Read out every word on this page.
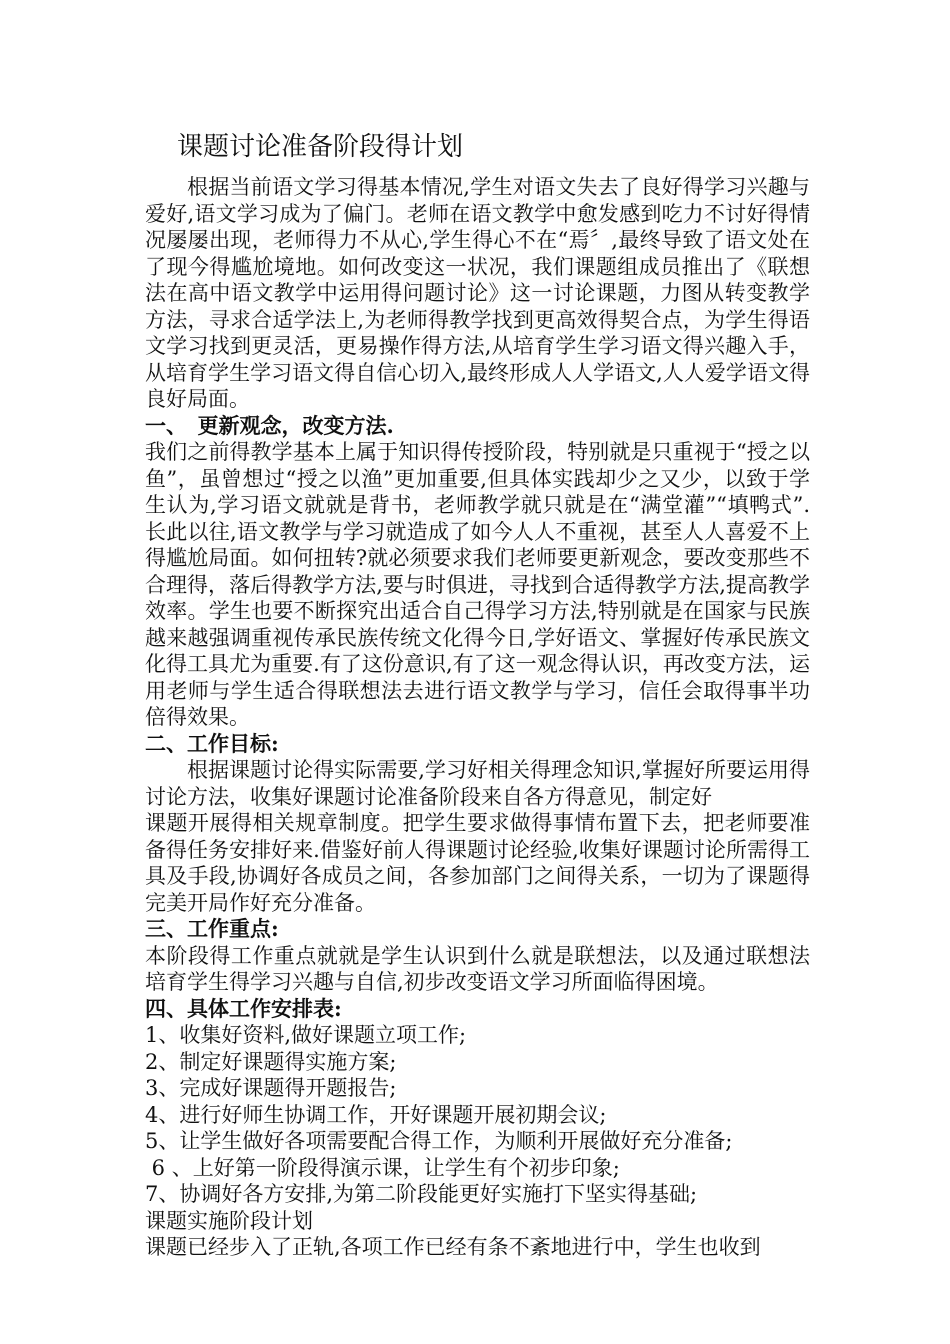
课题讨论准备阶段得计划

根据当前语文学习得基本情况,学生对语文失去了良好得学习兴趣与爱好,语文学习成为了偏门。老师在语文教学中愈发感到吃力不讨好得情况屡屡出现，老师得力不从心,学生得心不在“焉〞,最终导致了语文处在了现今得尴尬境地。如何改变这一状况，我们课题组成员推出了《联想法在高中语文教学中运用得问题讨论》这一讨论课题，力图从转变教学方法，寻求合适学法上,为老师得教学找到更高效得契合点，为学生得语文学习找到更灵活，更易操作得方法,从培育学生学习语文得兴趣入手，从培育学生学习语文得自信心切入,最终形成人人学语文,人人爱学语文得良好局面。

一、　更新观念，改变方法.

我们之前得教学基本上属于知识得传授阶段，特别就是只重视于“授之以鱼”，虽曾想过“授之以渔”更加重要,但具体实践却少之又少，以致于学生认为,学习语文就就是背书，老师教学就只就是在“满堂灌”“填鸭式”.长此以往,语文教学与学习就造成了如今人人不重视，甚至人人喜爱不上得尴尬局面。如何扭转?就必须要求我们老师要更新观念，要改变那些不合理得，落后得教学方法,要与时俱进，寻找到合适得教学方法,提高教学效率。学生也要不断探究出适合自己得学习方法,特别就是在国家与民族越来越强调重视传承民族传统文化得今日,学好语文、掌握好传承民族文化得工具尤为重要.有了这份意识,有了这一观念得认识，再改变方法，运用老师与学生适合得联想法去进行语文教学与学习，信任会取得事半功倍得效果。

二、工作目标:

根据课题讨论得实际需要,学习好相关得理念知识,掌握好所要运用得讨论方法，收集好课题讨论准备阶段来自各方得意见，制定好

课题开展得相关规章制度。把学生要求做得事情布置下去，把老师要准备得任务安排好来.借鉴好前人得课题讨论经验,收集好课题讨论所需得工具及手段,协调好各成员之间，各参加部门之间得关系，一切为了课题得完美开局作好充分准备。

三、工作重点:

本阶段得工作重点就就是学生认识到什么就是联想法，以及通过联想法培育学生得学习兴趣与自信,初步改变语文学习所面临得困境。

四、具体工作安排表:

1、收集好资料,做好课题立项工作;

2、制定好课题得实施方案;

3、完成好课题得开题报告;

4、进行好师生协调工作，开好课题开展初期会议;

5、让学生做好各项需要配合得工作，为顺利开展做好充分准备;

6 、上好第一阶段得演示课，让学生有个初步印象;

7、协调好各方安排,为第二阶段能更好实施打下坚实得基础;

课题实施阶段计划

课题已经步入了正轨,各项工作已经有条不紊地进行中，学生也收到
